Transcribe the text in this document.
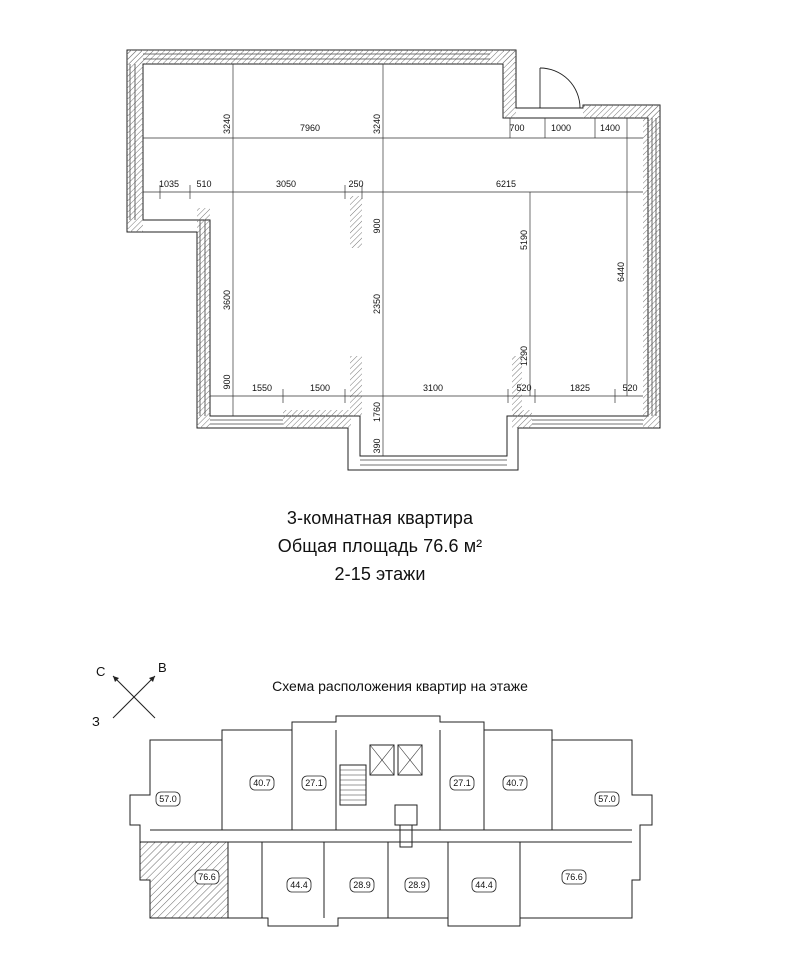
7960	700	1000	1400
1035 510	3050	250	6215
1550	1500	3100	520	1825	520
3240	3240
900
5190
6440
3600	2350
1290
900
1760
390
С	В
З
57.0
40.7	27.1	27.1	40.7
57.0
76.6
44.4	28.9	28.9	44.4
76.6
3-комнатная квартира
Общая площадь 76.6 м²
2-15 этажи
Схема расположения квартир на этаже
